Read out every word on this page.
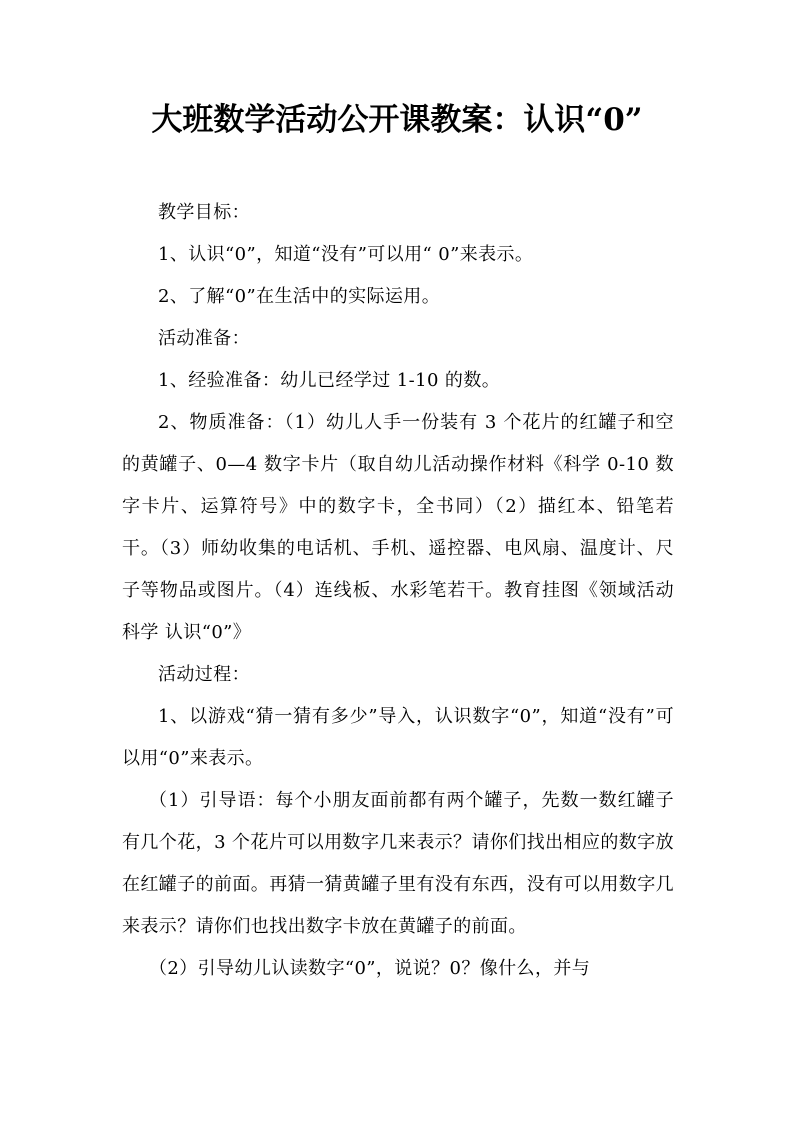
大班数学活动公开课教案：认识“0”

教学目标：

1、认识“0”，知道“没有”可以用“ 0”来表示。

2、了解“0”在生活中的实际运用。

活动准备：

1、经验准备：幼儿已经学过 1-10 的数。

2、物质准备：（1）幼儿人手一份装有 3 个花片的红罐子和空的黄罐子、0—4 数字卡片（取自幼儿活动操作材料《科学 0-10 数字卡片、运算符号》中的数字卡，全书同）（2）描红本、铅笔若干。（3）师幼收集的电话机、手机、遥控器、电风扇、温度计、尺子等物品或图片。（4）连线板、水彩笔若干。教育挂图《领域活动科学 认识“0”》

活动过程：

1、以游戏“猜一猜有多少”导入，认识数字“0”，知道“没有”可以用“0”来表示。

（1）引导语：每个小朋友面前都有两个罐子，先数一数红罐子有几个花，3 个花片可以用数字几来表示？请你们找出相应的数字放在红罐子的前面。再猜一猜黄罐子里有没有东西，没有可以用数字几来表示？请你们也找出数字卡放在黄罐子的前面。

（2）引导幼儿认读数字“0”，说说？0？像什么，并与
